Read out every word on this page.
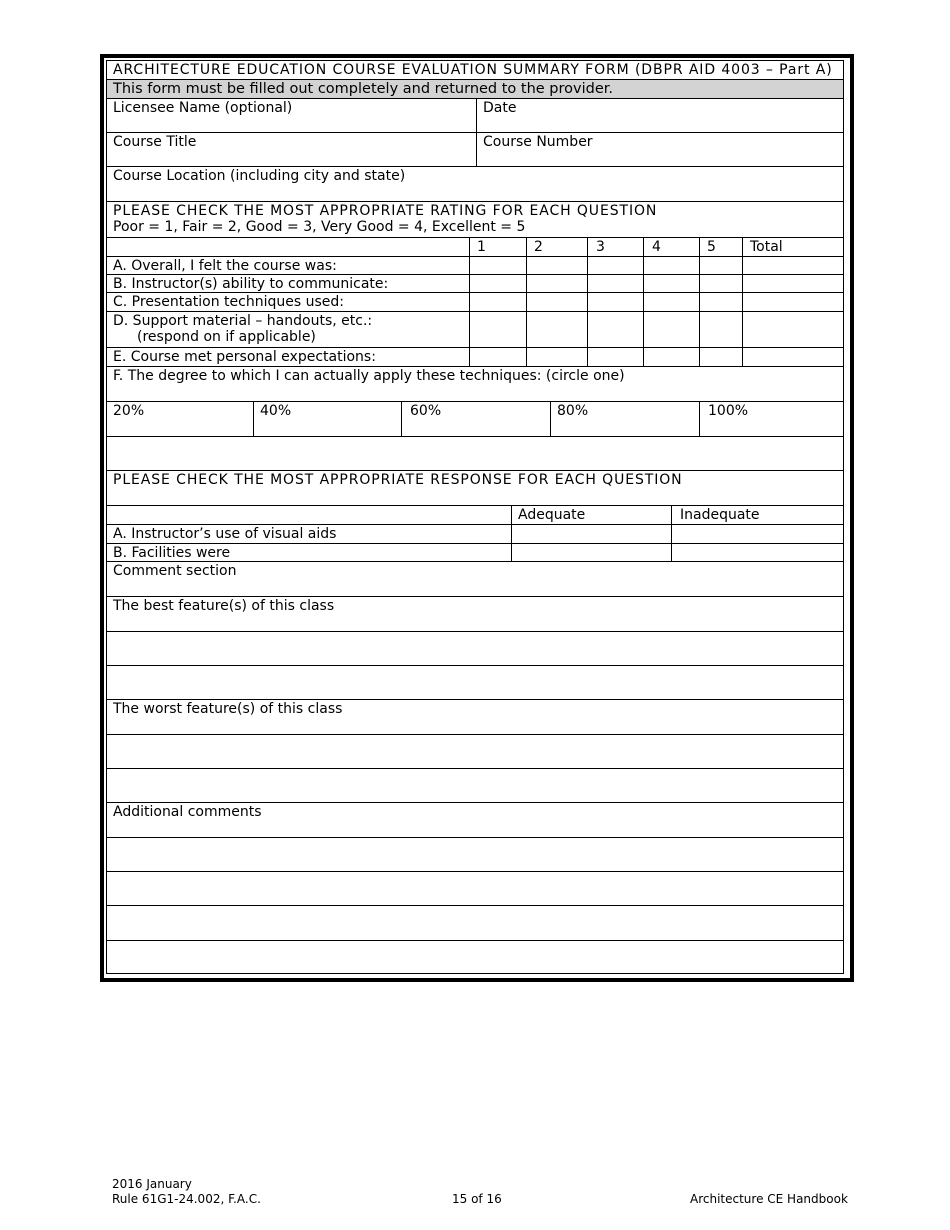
ARCHITECTURE EDUCATION COURSE EVALUATION SUMMARY FORM (DBPR AID 4003 – Part A)
This form must be filled out completely and returned to the provider.
Licensee Name (optional)	Date
Course Title	Course Number
Course Location (including city and state)
PLEASE CHECK THE MOST APPROPRIATE RATING FOR EACH QUESTION
Poor = 1, Fair = 2, Good = 3, Very Good = 4, Excellent = 5
1	2	3	4	5	Total
A. Overall, I felt the course was:
B. Instructor(s) ability to communicate:
C. Presentation techniques used:
D. Support material – handouts, etc.:
(respond on if applicable)
E. Course met personal expectations:
F. The degree to which I can actually apply these techniques: (circle one)
20%	40%	60%	80%	100%
PLEASE CHECK THE MOST APPROPRIATE RESPONSE FOR EACH QUESTION
Adequate	Inadequate
A. Instructor’s use of visual aids
B. Facilities were
Comment section
The best feature(s) of this class
The worst feature(s) of this class
Additional comments
2016 January
Rule 61G1-24.002, F.A.C.	15 of 16	Architecture CE Handbook
